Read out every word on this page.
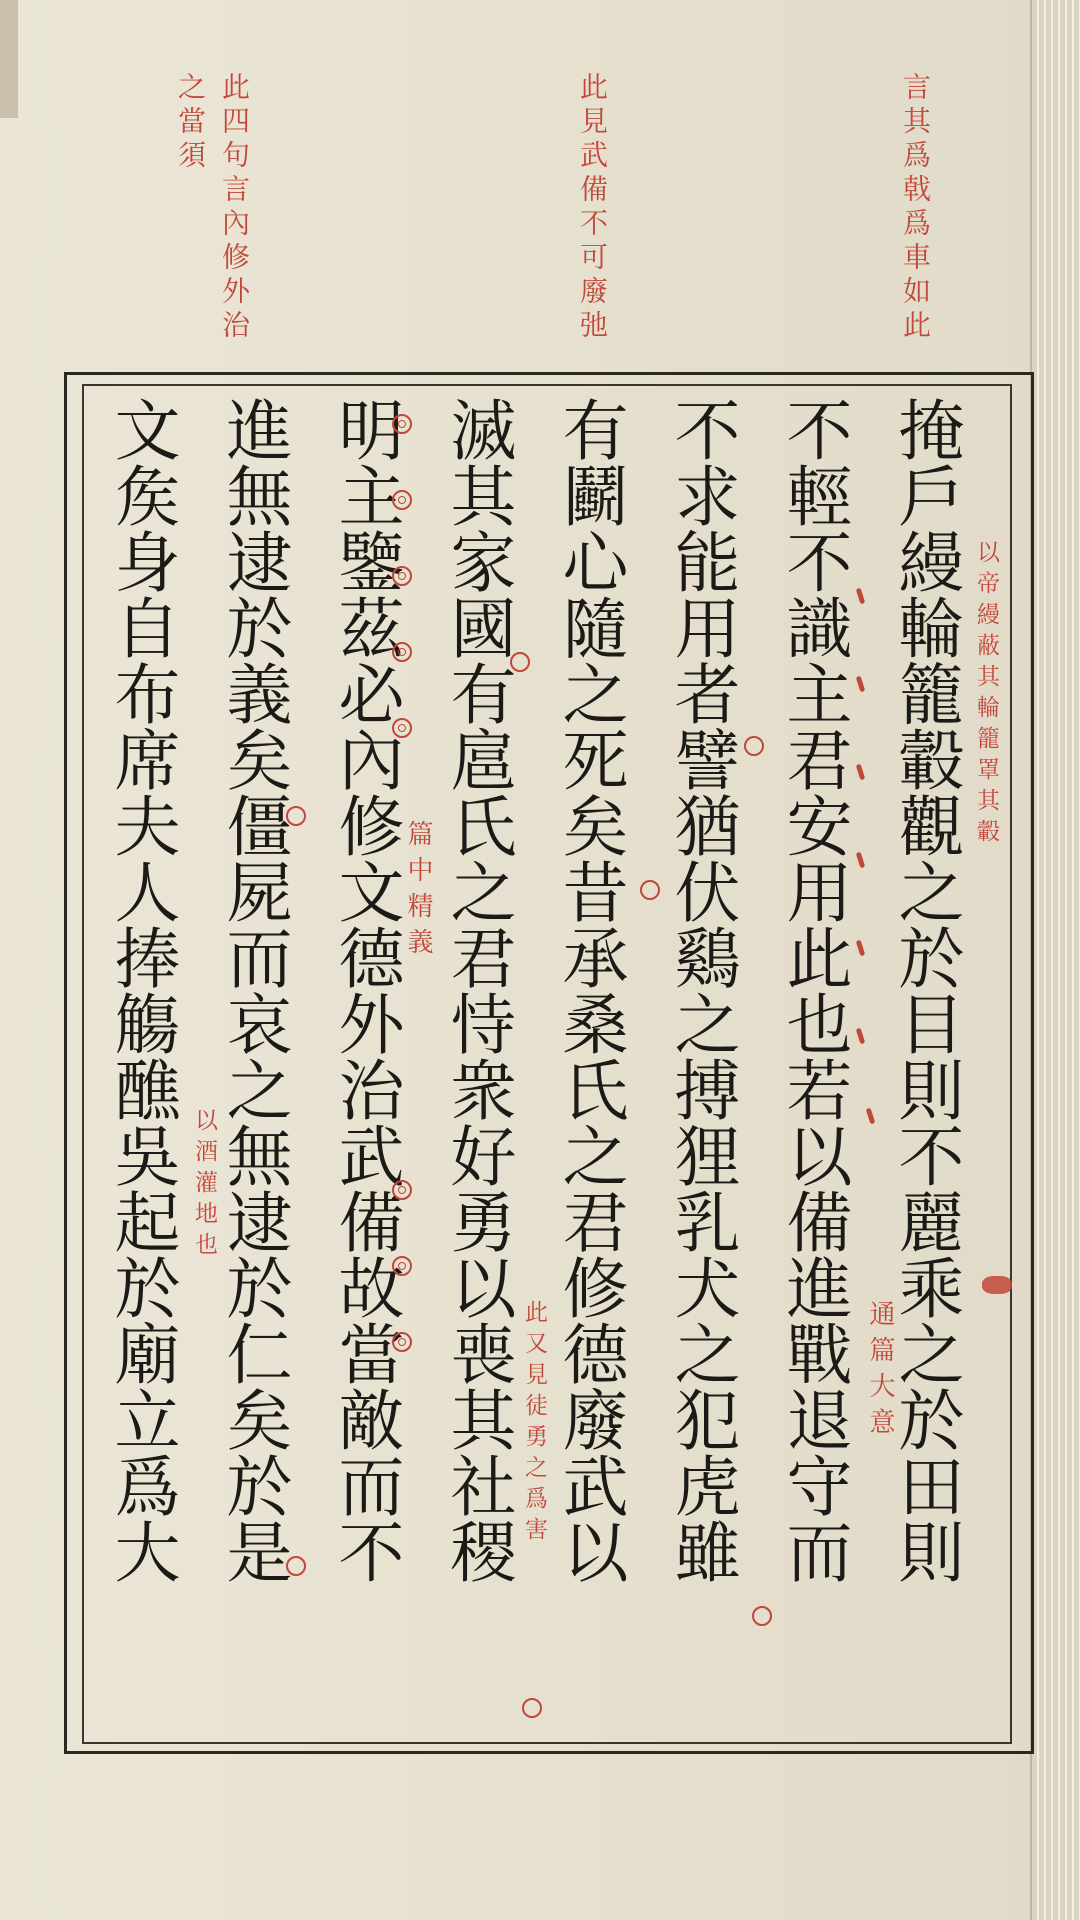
言其爲戟爲車如此
此見武備不可廢弛
此四句言內修外治
之當須
掩戶縵輪籠轂觀之於目則不麗乘之於田則
不輕不識主君安用此也若以備進戰退守而
不求能用者譬猶伏鷄之搏狸乳犬之犯虎雖
有鬬心隨之死矣昔承桑氏之君修德廢武以
滅其家國有扈氏之君恃衆好勇以喪其社稷
明主鑒茲必內修文德外治武備故當敵而不
進無逮於義矣僵屍而哀之無逮於仁矣於是
文矦身自布席夫人捧觴醮吳起於廟立爲大	以帝縵蔽其輪籠罩其轂
通篇大意
篇中精義
此又見徒勇之爲害
以酒灌地也
